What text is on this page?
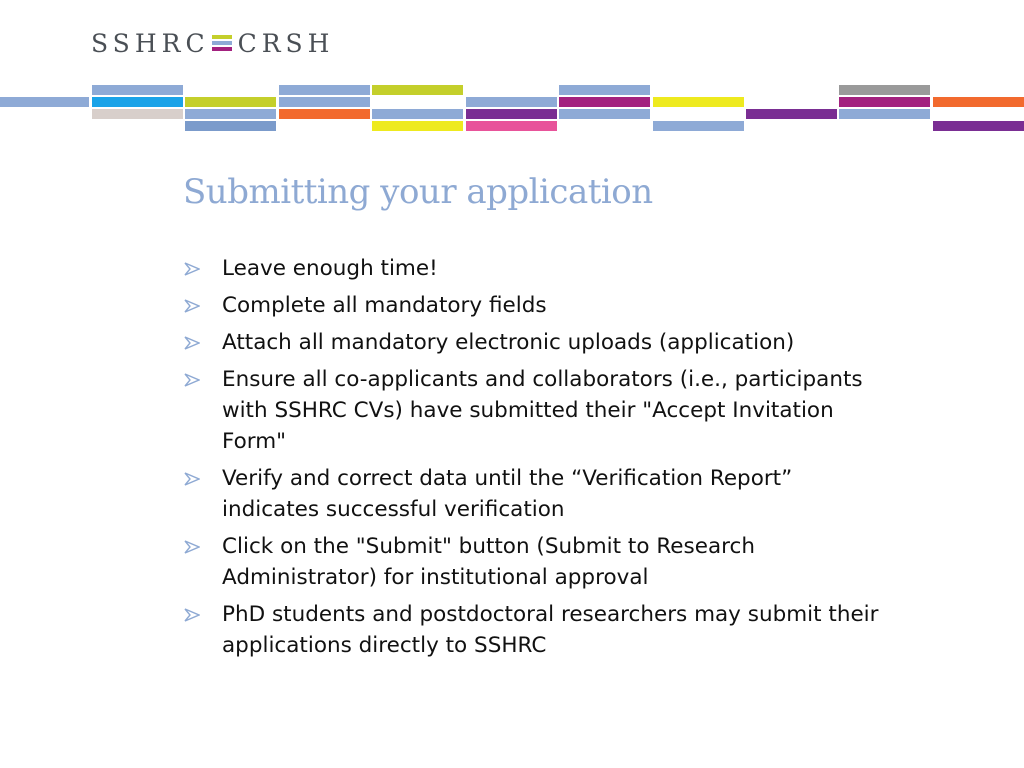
SSHRC CRSH
Submitting your application
Leave enough time!
Complete all mandatory fields
Attach all mandatory electronic uploads (application)
Ensure all co-applicants and collaborators (i.e., participants with SSHRC CVs) have submitted their "Accept Invitation Form"
Verify and correct data until the “Verification Report” indicates successful verification
Click on the "Submit" button (Submit to Research Administrator) for institutional approval
PhD students and postdoctoral researchers may submit their applications directly to SSHRC
